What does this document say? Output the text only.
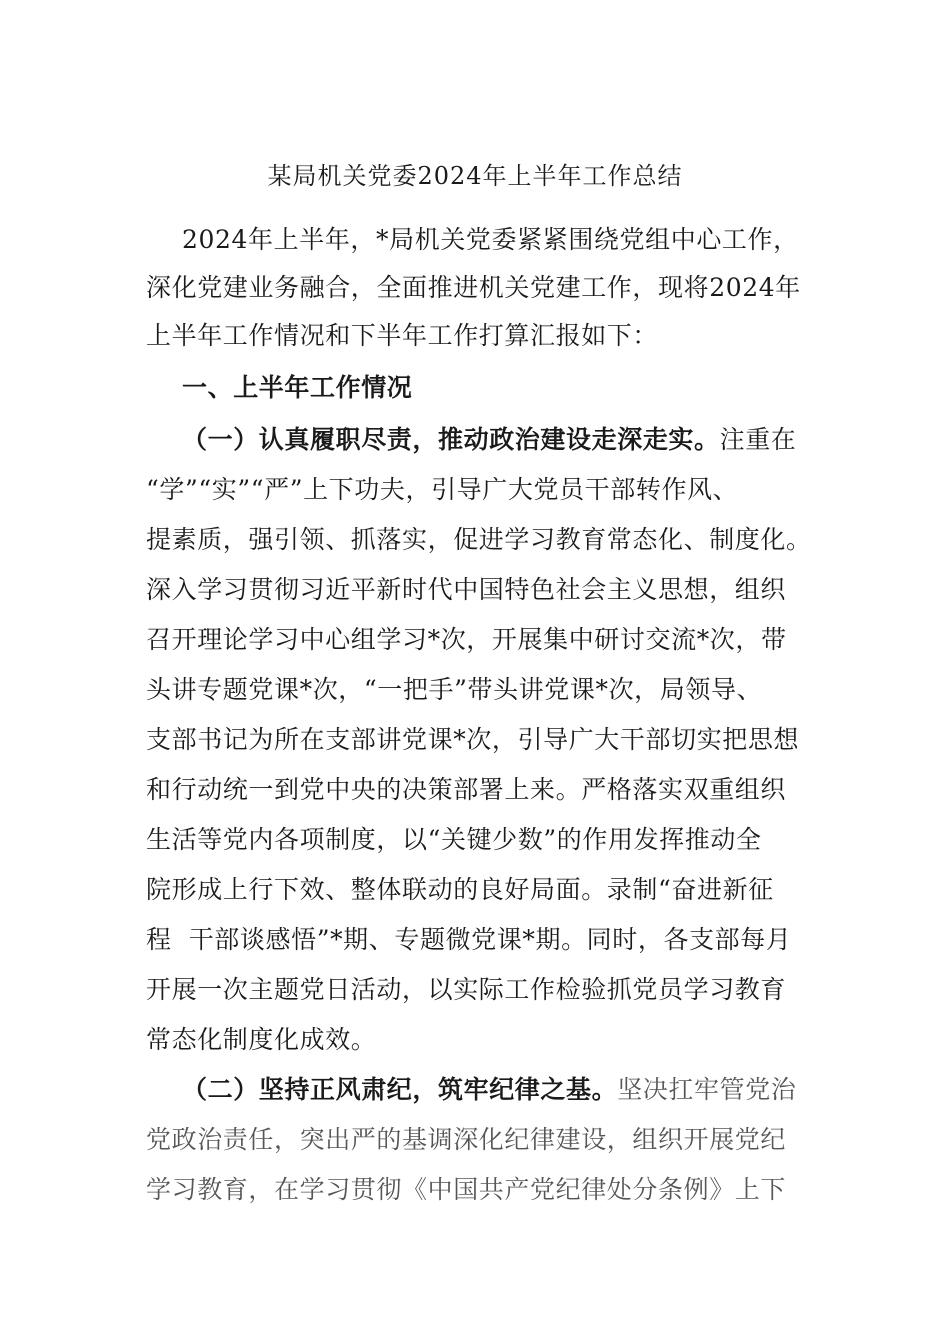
某局机关党委2024年上半年工作总结
2024年上半年，*局机关党委紧紧围绕党组中心工作，
深化党建业务融合，全面推进机关党建工作，现将2024年
上半年工作情况和下半年工作打算汇报如下：
一、上半年工作情况
（一）认真履职尽责，推动政治建设走深走实。注重在
“学”“实”“严”上下功夫，引导广大党员干部转作风、
提素质，强引领、抓落实，促进学习教育常态化、制度化。
深入学习贯彻习近平新时代中国特色社会主义思想，组织
召开理论学习中心组学习*次，开展集中研讨交流*次，带
头讲专题党课*次，“一把手”带头讲党课*次，局领导、
支部书记为所在支部讲党课*次，引导广大干部切实把思想
和行动统一到党中央的决策部署上来。严格落实双重组织
生活等党内各项制度，以“关键少数”的作用发挥推动全
院形成上行下效、整体联动的良好局面。录制“奋进新征
程  干部谈感悟”*期、专题微党课*期。同时，各支部每月
开展一次主题党日活动，以实际工作检验抓党员学习教育
常态化制度化成效。
（二）坚持正风肃纪，筑牢纪律之基。坚决扛牢管党治
党政治责任，突出严的基调深化纪律建设，组织开展党纪
学习教育，在学习贯彻《中国共产党纪律处分条例》上下
